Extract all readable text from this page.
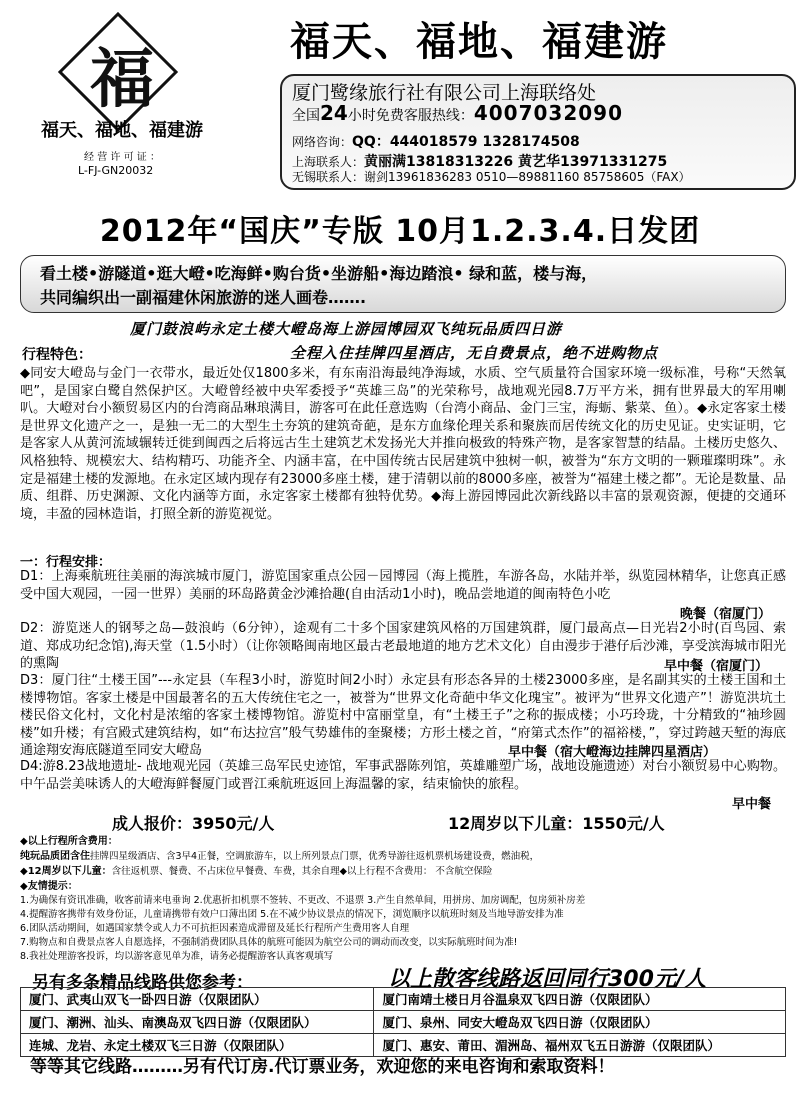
福
福天、福地、福建游
经 营 许 可 证 ：
L-FJ-GN20032
福天、福地、福建游
厦门鹭缘旅行社有限公司上海联络处
全国24小时免费客服热线：4007032090
网络咨询：QQ：444018579 1328174508
上海联系人：黄丽满13818313226 黄艺华13971331275
无锡联系人：谢剑13961836283 0510—89881160 85758605（FAX）
2012年“国庆”专版 10月1.2.3.4.日发团
看土楼•游隧道•逛大嶝•吃海鲜•购台货•坐游船•海边踏浪• 绿和蓝，楼与海，
共同编织出一副福建休闲旅游的迷人画卷…….
厦门鼓浪屿永定土楼大嶝岛海上游园博园双飞纯玩品质四日游
行程特色：	全程入住挂牌四星酒店，无自费景点，绝不进购物点
◆同安大嶝岛与金门一衣带水，最近处仅1800多米，有东南沿海最纯净海域，水质、空气质量符合国家环境一级标准，号称“天然氧吧”，是国家白鹭自然保护区。大嶝曾经被中央军委授予“英雄三岛”的光荣称号，战地观光园8.7万平方米，拥有世界最大的军用喇叭。大嶝对台小额贸易区内的台湾商品琳琅满目，游客可在此任意选购（台湾小商品、金门三宝，海蛎、紫菜、鱼）。◆永定客家土楼是世界文化遗产之一，是独一无二的大型生土夯筑的建筑奇葩，是东方血缘伦理关系和聚族而居传统文化的历史见证。史实证明，它是客家人从黄河流域辗转迁徙到闽西之后将远古生土建筑艺术发扬光大并推向极致的特殊产物，是客家智慧的结晶。土楼历史悠久、风格独特、规模宏大、结构精巧、功能齐全、内涵丰富，在中国传统古民居建筑中独树一帜，被誉为“东方文明的一颗璀璨明珠”。永定是福建土楼的发源地。在永定区域内现存有23000多座土楼，建于清朝以前的8000多座，被誉为“福建土楼之都”。无论是数量、品质、组群、历史渊源、文化内涵等方面，永定客家土楼都有独特优势。◆海上游园博园此次新线路以丰富的景观资源，便捷的交通环境，丰盈的园林造诣，打照全新的游览视觉。
一：行程安排：
D1：上海乘航班往美丽的海滨城市厦门，游览国家重点公园－园博园（海上揽胜，车游各岛，水陆并举，纵览园林精华，让您真正感受中国大观园，一园一世界）美丽的环岛路黄金沙滩拾趣(自由活动1小时)，晚品尝地道的闽南特色小吃
晚餐（宿厦门）
D2：游览迷人的钢琴之岛—鼓浪屿（6分钟），途观有二十多个国家建筑风格的万国建筑群，厦门最高点—日光岩2小时(百鸟园、索道、郑成功纪念馆),海天堂（1.5小时）（让你领略闽南地区最古老最地道的地方艺术文化）自由漫步于港仔后沙滩，享受滨海城市阳光的熏陶	早中餐（宿厦门）
D3：厦门往“土楼王国”---永定县（车程3小时，游览时间2小时）永定县有形态各异的土楼23000多座，是名副其实的土楼王国和土楼博物馆。客家土楼是中国最著名的五大传统住宅之一，被誉为“世界文化奇葩中华文化瑰宝”。被评为“世界文化遗产”！游览洪坑土楼民俗文化村，文化村是浓缩的客家土楼博物馆。游览村中富丽堂皇，有“土楼王子”之称的振成楼；小巧玲珑，十分精致的“袖珍圆楼”如升楼；有宫殿式建筑结构，如“布达拉宫”般气势雄伟的奎聚楼；方形土楼之首，“府第式杰作”的福裕楼，”，穿过跨越天堑的海底通途翔安海底隧道至同安大嶝岛	早中餐（宿大嶝海边挂牌四星酒店）
D4:游8.23战地遗址- 战地观光园（英雄三岛军民史迹馆，军事武器陈列馆，英雄雕塑广场，战地设施遗迹）对台小额贸易中心购物。中午品尝美味诱人的大嶝海鲜餐厦门或晋江乘航班返回上海温馨的家，结束愉快的旅程。
早中餐
成人报价：3950元/人	12周岁以下儿童：1550元/人
◆以上行程所含费用：
纯玩品质团含住挂牌四星级酒店、含3早4正餐，空调旅游车，以上所列景点门票，优秀导游往返机票机场建设费，燃油税，
◆12周岁以下儿童：含往返机票、餐费、不占床位早餐费、车费，其余自理◆以上行程不含费用： 不含航空保险
◆友情提示：
1.为确保有资讯准确，收客前请来电垂询 2.优惠折扣机票不签转、不更改、不退票 3.产生自然单间，用拼房、加房调配，包房须补房差
4.提醒游客携带有效身份证，儿童请携带有效户口薄出团 5.在不减少协议景点的情况下，浏览顺序以航班时刻及当地导游安排为准
6.团队活动期间，如遇国家禁令或人力不可抗拒因素造成滞留及延长行程所产生费用客人自理
7.购物点和自费景点客人自愿选择，不强制消费团队具体的航班可能因为航空公司的调动而改变，以实际航班时间为准!
8.我社处理游客投诉，均以游客意见单为准，请务必提醒游客认真客观填写
另有多条精品线路供您参考：	以上散客线路返回同行300元/人
厦门、武夷山双飞一卧四日游（仅限团队）	厦门南靖土楼日月谷温泉双飞四日游（仅限团队）
厦门、潮洲、汕头、南澳岛双飞四日游（仅限团队）	厦门、泉州、同安大嶝岛双飞四日游（仅限团队）
连城、龙岩、永定土楼双飞三日游（仅限团队）	厦门、惠安、莆田、湄洲岛、福州双飞五日游游（仅限团队）
等等其它线路………另有代订房.代订票业务，欢迎您的来电咨询和索取资料！
